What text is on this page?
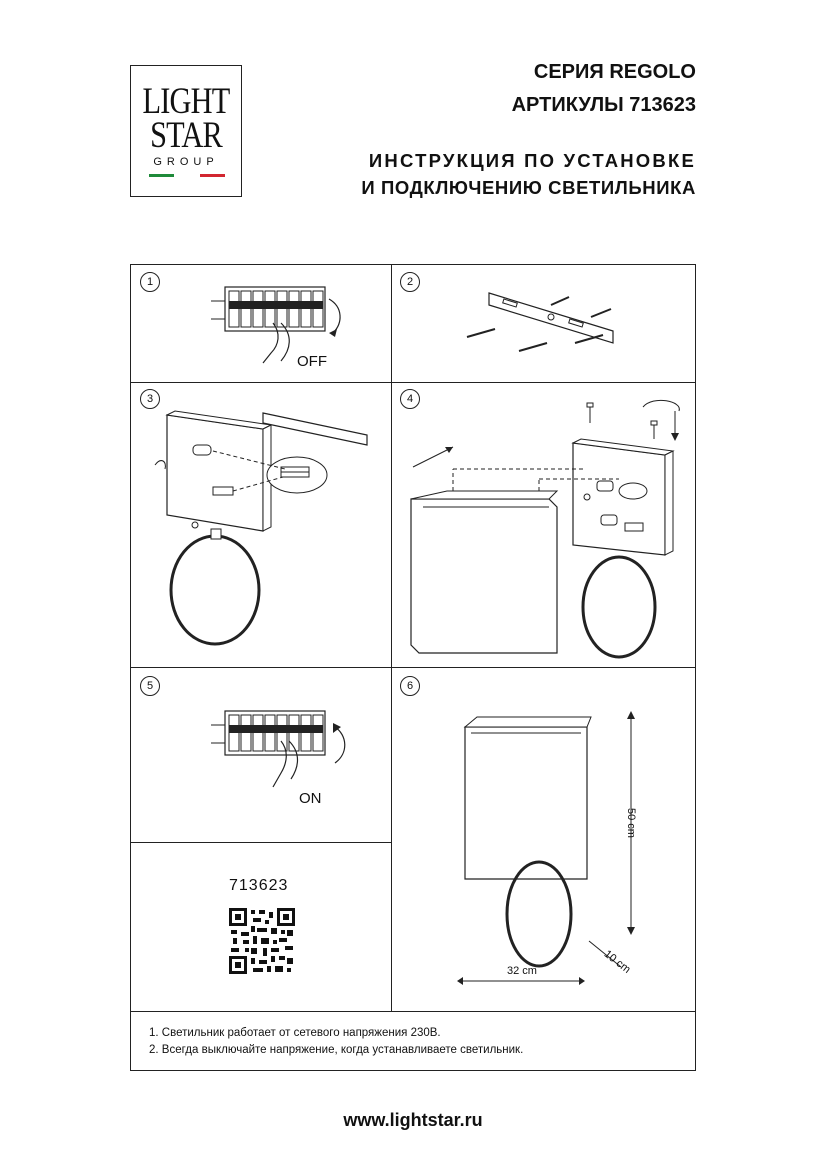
LIGHT
STAR
GROUP
СЕРИЯ REGOLO
АРТИКУЛЫ 713623
ИНСТРУКЦИЯ ПО УСТАНОВКЕ
И ПОДКЛЮЧЕНИЮ СВЕТИЛЬНИКА
1	2
3	4
5	6
OFF
ON
50 cm
32 cm	10 cm
713623
1. Светильник работает от сетевого напряжения 230В.
2. Всегда выключайте напряжение, когда устанавливаете светильник.
www.lightstar.ru
